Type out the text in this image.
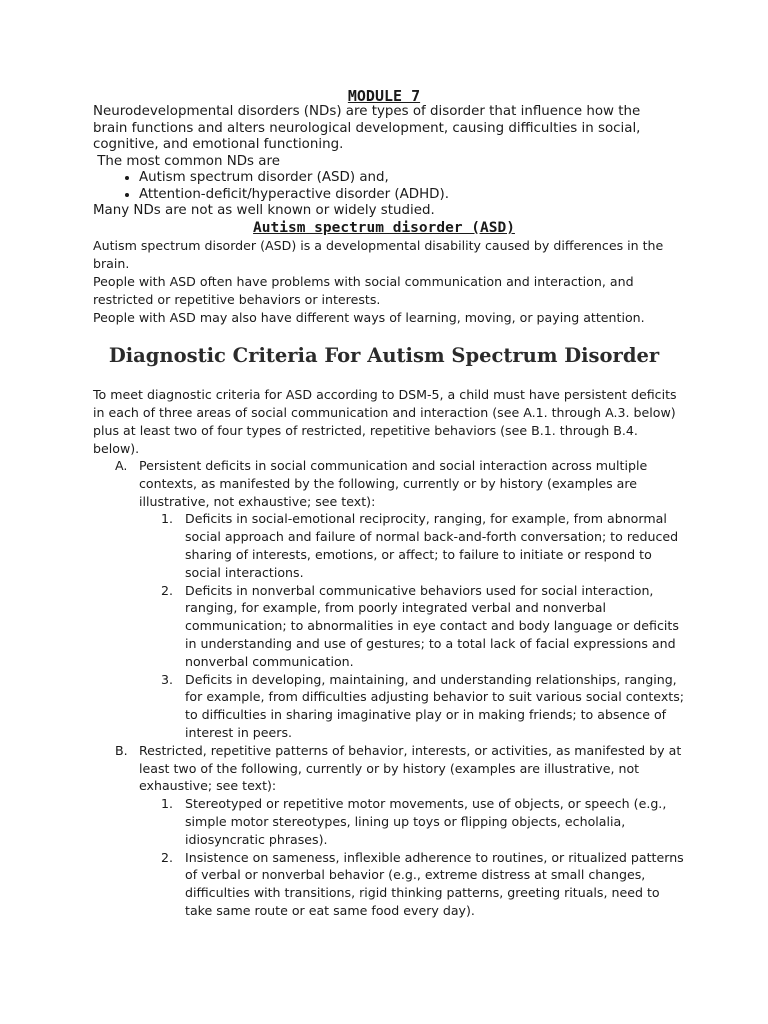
MODULE 7

Neurodevelopmental disorders (NDs) are types of disorder that influence how the brain functions and alters neurological development, causing difficulties in social, cognitive, and emotional functioning.

The most common NDs are

• Autism spectrum disorder (ASD) and,
• Attention-deficit/hyperactive disorder (ADHD).

Many NDs are not as well known or widely studied.

Autism spectrum disorder (ASD)

Autism spectrum disorder (ASD) is a developmental disability caused by differences in the brain.

People with ASD often have problems with social communication and interaction, and restricted or repetitive behaviors or interests.

People with ASD may also have different ways of learning, moving, or paying attention.

Diagnostic Criteria For Autism Spectrum Disorder
To meet diagnostic criteria for ASD according to DSM-5, a child must have persistent deficits in each of three areas of social communication and interaction (see A.1. through A.3. below) plus at least two of four types of restricted, repetitive behaviors (see B.1. through B.4. below).
A. Persistent deficits in social communication and social interaction across multiple contexts, as manifested by the following, currently or by history (examples are illustrative, not exhaustive; see text):
1. Deficits in social-emotional reciprocity, ranging, for example, from abnormal social approach and failure of normal back-and-forth conversation; to reduced sharing of interests, emotions, or affect; to failure to initiate or respond to social interactions.
2. Deficits in nonverbal communicative behaviors used for social interaction, ranging, for example, from poorly integrated verbal and nonverbal communication; to abnormalities in eye contact and body language or deficits in understanding and use of gestures; to a total lack of facial expressions and nonverbal communication.
3. Deficits in developing, maintaining, and understanding relationships, ranging, for example, from difficulties adjusting behavior to suit various social contexts; to difficulties in sharing imaginative play or in making friends; to absence of interest in peers.
B. Restricted, repetitive patterns of behavior, interests, or activities, as manifested by at least two of the following, currently or by history (examples are illustrative, not exhaustive; see text):
1. Stereotyped or repetitive motor movements, use of objects, or speech (e.g., simple motor stereotypes, lining up toys or flipping objects, echolalia, idiosyncratic phrases).
2. Insistence on sameness, inflexible adherence to routines, or ritualized patterns of verbal or nonverbal behavior (e.g., extreme distress at small changes, difficulties with transitions, rigid thinking patterns, greeting rituals, need to take same route or eat same food every day).
